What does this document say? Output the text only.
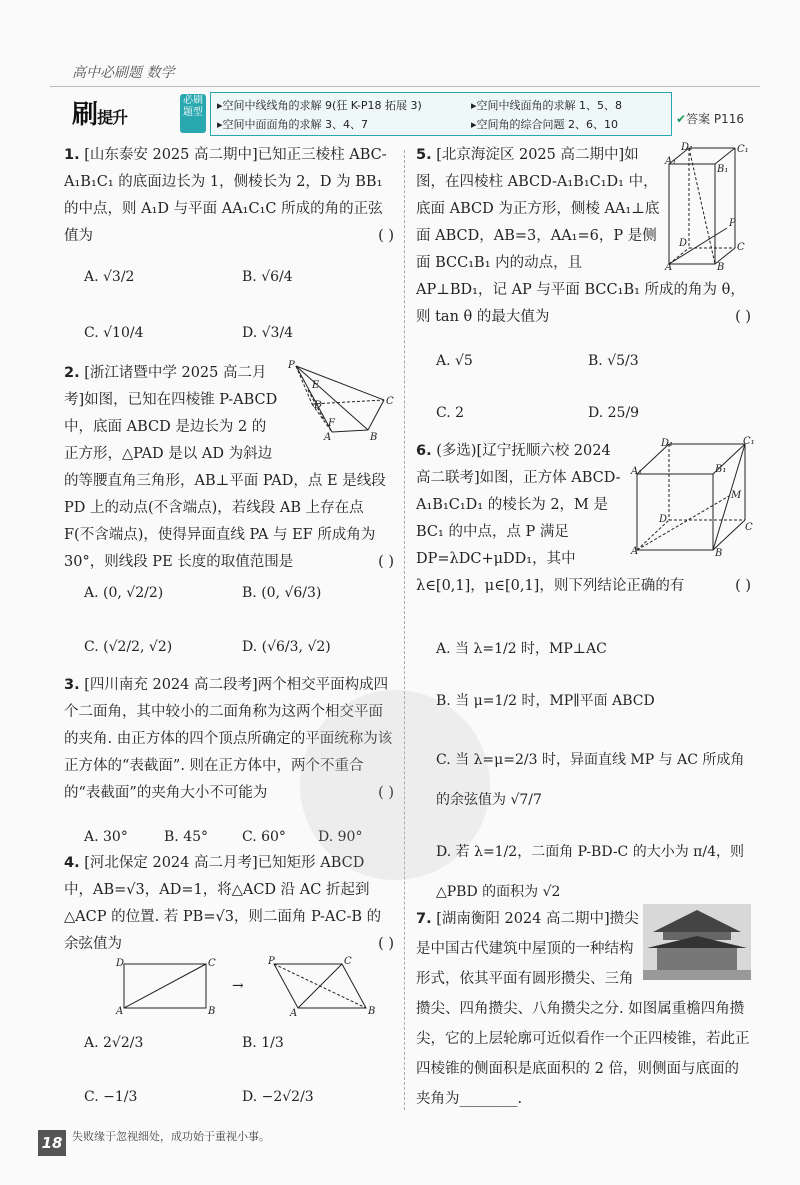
高中必刷题 数学
刷提升
必刷题型
▸空间中线线角的求解 9(狂 K-P18 拓展 3)	▸空间中线面角的求解 1、5、8
▸空间中面面角的求解 3、4、7	▸空间角的综合问题 2、6、10	✔答案 P116
1. [山东泰安 2025 高二期中]已知正三棱柱 ABC-A₁B₁C₁ 的底面边长为 1，侧棱长为 2，D 为 BB₁ 的中点，则 A₁D 与平面 AA₁C₁C 所成的角的正弦值为	( )
A. √3/2	B. √6/4
C. √10/4	D. √3/4
P
E
D	C
B
A
F
2. [浙江诸暨中学 2025 高二月考]如图，已知在四棱锥 P-ABCD 中，底面 ABCD 是边长为 2 的正方形，△PAD 是以 AD 为斜边的等腰直角三角形，AB⊥平面 PAD，点 E 是线段 PD 上的动点(不含端点)，若线段 AB 上存在点 F(不含端点)，使得异面直线 PA 与 EF 所成角为 30°，则线段 PE 长度的取值范围是	( )
A. (0, √2/2)	B. (0, √6/3)
C. (√2/2, √2)	D. (√6/3, √2)
3. [四川南充 2024 高二段考]两个相交平面构成四个二面角，其中较小的二面角称为这两个相交平面的夹角. 由正方体的四个顶点所确定的平面统称为该正方体的“表截面”. 则在正方体中，两个不重合的“表截面”的夹角大小不可能为	( )
A. 30°	B. 45° C. 60° D. 90°
4. [河北保定 2024 高二月考]已知矩形 ABCD 中，AB=√3，AD=1，将△ACD 沿 AC 折起到△ACP 的位置. 若 PB=√3，则二面角 P-AC-B 的余弦值为	( )
D	C
A	B
→
P	C
A	B
A. 2√2/3	B. 1/3
C. −1/3	D. −2√2/3
D₁	C₁
A₁
B₁
P
D	C
A	B
5. [北京海淀区 2025 高二期中]如图，在四棱柱 ABCD-A₁B₁C₁D₁ 中，底面 ABCD 为正方形，侧棱 AA₁⊥底面 ABCD，AB=3，AA₁=6，P 是侧面 BCC₁B₁ 内的动点，且 AP⊥BD₁，记 AP 与平面 BCC₁B₁ 所成的角为 θ，则 tan θ 的最大值为	( )
A. √5	B. √5/3
C. 2	D. 25/9
D₁	C₁
A₁	B₁
M
D
C
A	B
6. (多选)[辽宁抚顺六校 2024 高二联考]如图，正方体 ABCD-A₁B₁C₁D₁ 的棱长为 2，M 是 BC₁ 的中点，点 P 满足 DP=λDC+μDD₁，其中 λ∈[0,1]，μ∈[0,1]，则下列结论正确的有	( )
A. 当 λ=1/2 时，MP⊥AC
B. 当 μ=1/2 时，MP∥平面 ABCD
C. 当 λ=μ=2/3 时，异面直线 MP 与 AC 所成角的余弦值为 √7/7
D. 若 λ=1/2，二面角 P-BD-C 的大小为 π/4，则△PBD 的面积为 √2
7. [湖南衡阳 2024 高二期中]攒尖是中国古代建筑中屋顶的一种结构形式，依其平面有圆形攒尖、三角攒尖、四角攒尖、八角攒尖之分. 如图属重檐四角攒尖，它的上层轮廓可近似看作一个正四棱锥，若此正四棱锥的侧面积是底面积的 2 倍，则侧面与底面的夹角为________.
18 失败缘于忽视细处，成功始于重视小事。
